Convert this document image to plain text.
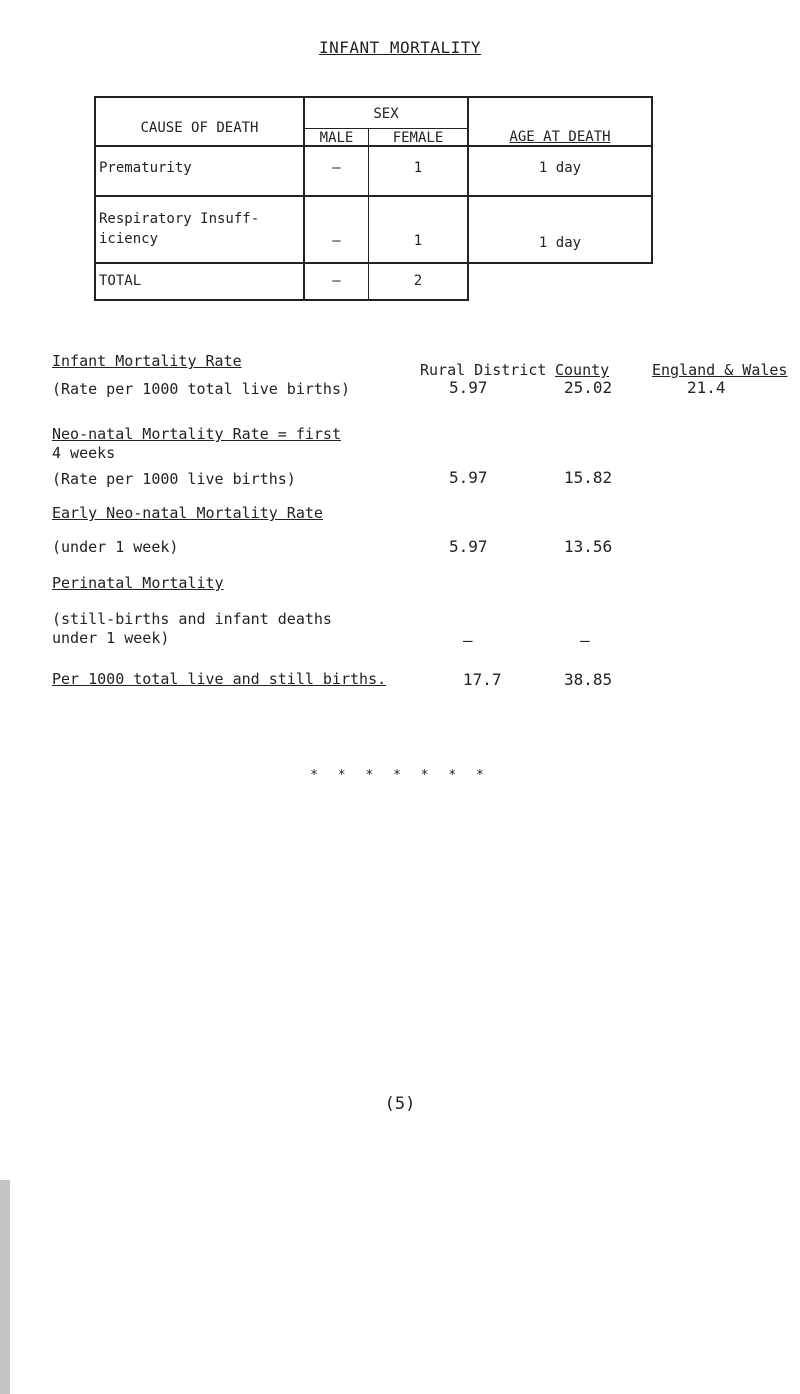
INFANT MORTALITY
CAUSE OF DEATH
SEX
MALE	FEMALE	AGE AT DEATH
Prematurity	–	1	1 day
Respiratory Insuff-
iciency	–	1	1 day
TOTAL	–	2
Infant Mortality Rate	Rural District County	England & Wales
(Rate per 1000 total live births)	5.97	25.02	21.4
Neo-natal Mortality Rate = first
4 weeks
(Rate per 1000 live births)	5.97	15.82
Early Neo-natal Mortality Rate
(under 1 week)	5.97	13.56
Perinatal Mortality
(still-births and infant deaths
under 1 week)	–	–
Per 1000 total live and still births.	17.7	38.85
* * * * * * *
(5)
